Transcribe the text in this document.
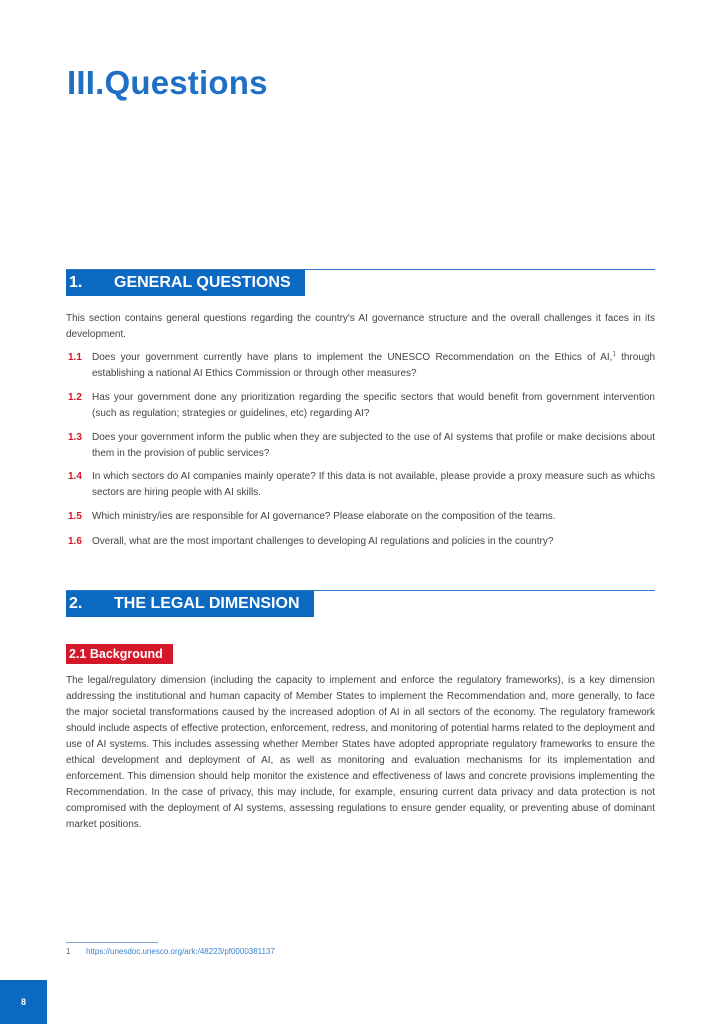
III.Questions
1. GENERAL QUESTIONS

This section contains general questions regarding the country's AI governance structure and the overall challenges it faces in its development.

1.1 Does your government currently have plans to implement the UNESCO Recommendation on the Ethics of AI,$^1$ through establishing a national AI Ethics Commission or through other measures?
1.2 Has your government done any prioritization regarding the specific sectors that would benefit from government intervention (such as regulation; strategies or guidelines, etc) regarding AI?
1.3 Does your government inform the public when they are subjected to the use of AI systems that profile or make decisions about them in the provision of public services?
1.4 In which sectors do AI companies mainly operate? If this data is not available, please provide a proxy measure such as whichs sectors are hiring people with AI skills.
1.5 Which ministry/ies are responsible for AI governance? Please elaborate on the composition of the teams.
1.6 Overall, what are the most important challenges to developing AI regulations and policies in the country?
2. THE LEGAL DIMENSION
2.1 Background

The legal/regulatory dimension (including the capacity to implement and enforce the regulatory frameworks), is a key dimension addressing the institutional and human capacity of Member States to implement the Recommendation and, more generally, to face the major societal transformations caused by the increased adoption of AI in all sectors of the economy. The regulatory framework should include aspects of effective protection, enforcement, redress, and monitoring of potential harms related to the deployment and use of AI systems. This includes assessing whether Member States have adopted appropriate regulatory frameworks to ensure the ethical development and deployment of AI, as well as monitoring and evaluation mechanisms for its implementation and enforcement. This dimension should help monitor the existence and effectiveness of laws and concrete provisions implementing the Recommendation. In the case of privacy, this may include, for example, ensuring current data privacy and data protection is not compromised with the deployment of AI systems, assessing regulations to ensure gender equality, or preventing abuse of dominant market positions.

1 https://unesdoc.unesco.org/ark:/48223/pf0000381137
8
